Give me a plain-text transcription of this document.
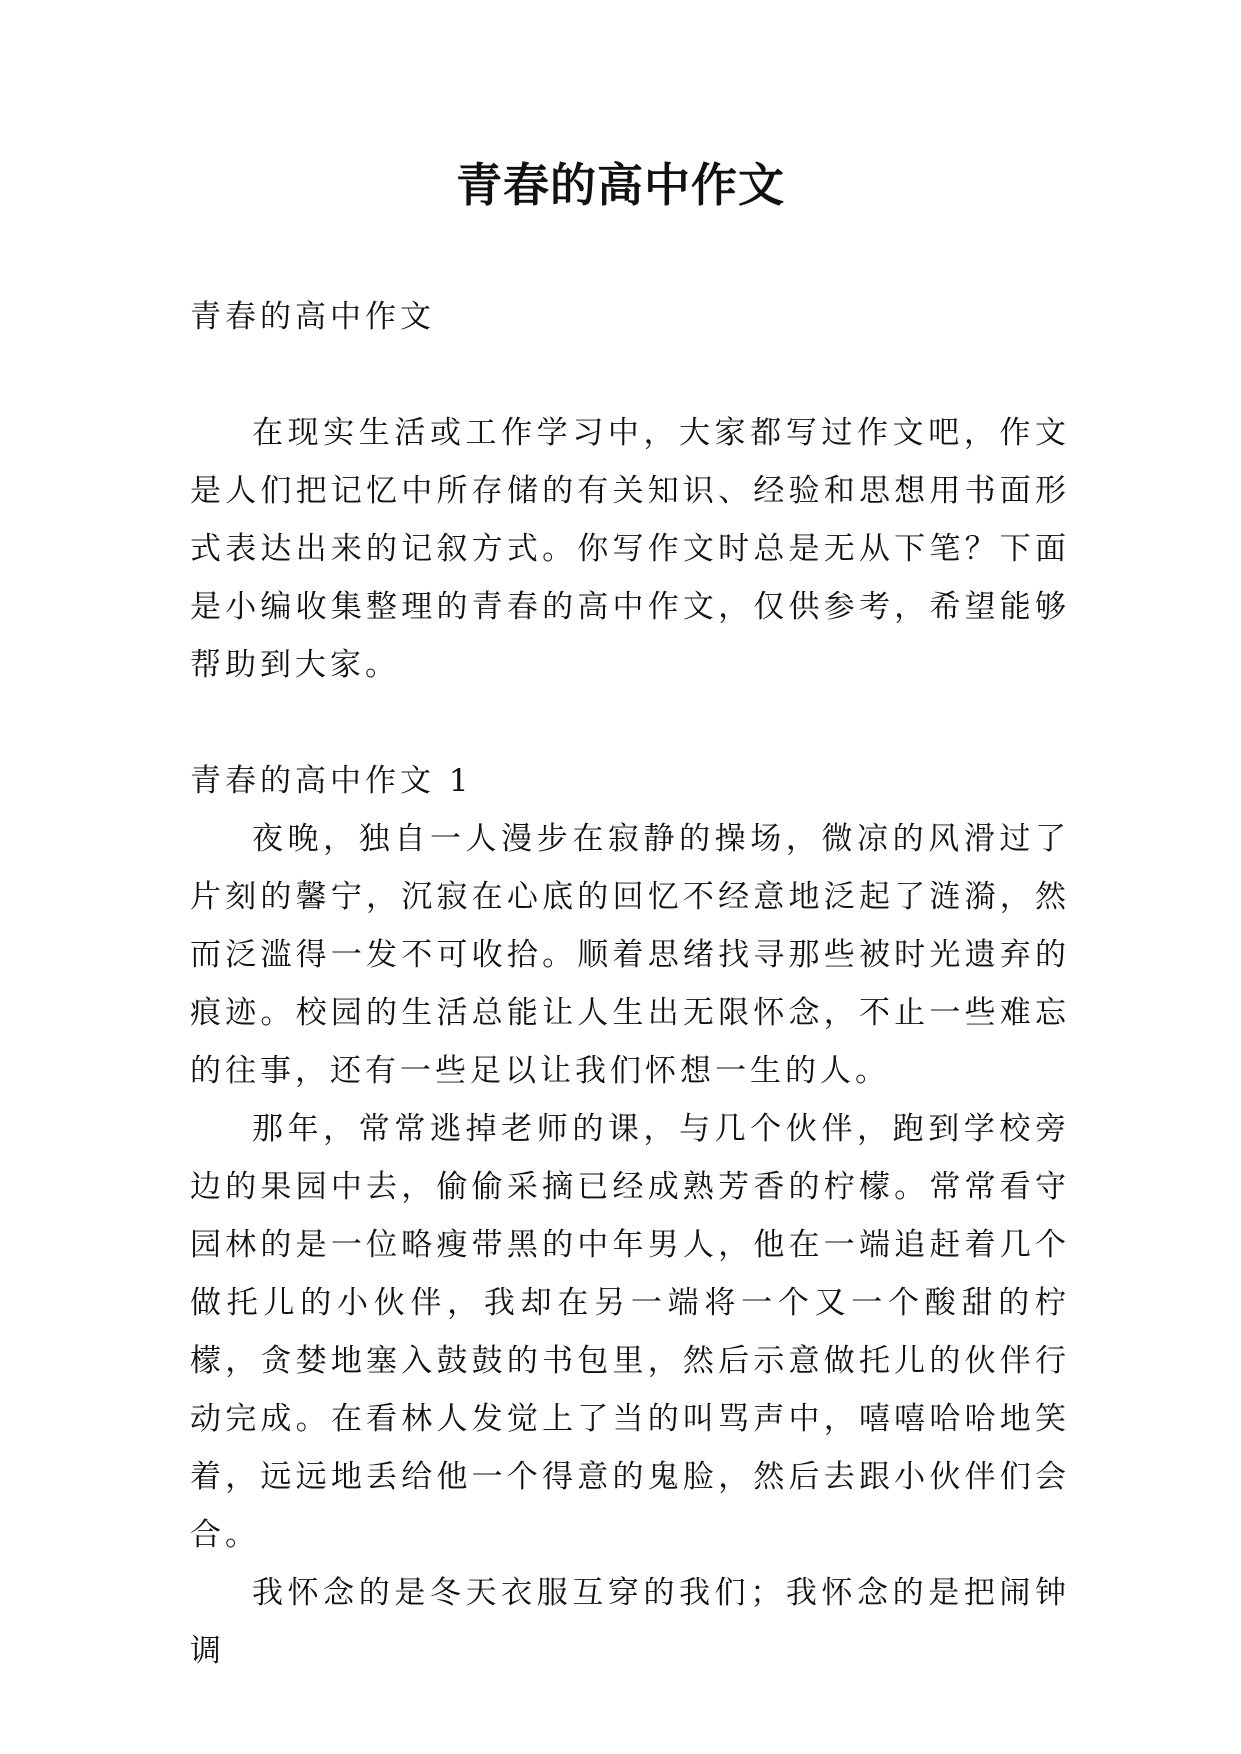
青春的高中作文

青春的高中作文

在现实生活或工作学习中，大家都写过作文吧，作文是人们把记忆中所存储的有关知识、经验和思想用书面形式表达出来的记叙方式。你写作文时总是无从下笔？下面是小编收集整理的青春的高中作文，仅供参考，希望能够帮助到大家。

青春的高中作文 1

夜晚，独自一人漫步在寂静的操场，微凉的风滑过了片刻的馨宁，沉寂在心底的回忆不经意地泛起了涟漪，然而泛滥得一发不可收拾。顺着思绪找寻那些被时光遗弃的痕迹。校园的生活总能让人生出无限怀念，不止一些难忘的往事，还有一些足以让我们怀想一生的人。

那年，常常逃掉老师的课，与几个伙伴，跑到学校旁边的果园中去，偷偷采摘已经成熟芳香的柠檬。常常看守园林的是一位略瘦带黑的中年男人，他在一端追赶着几个做托儿的小伙伴，我却在另一端将一个又一个酸甜的柠檬，贪婪地塞入鼓鼓的书包里，然后示意做托儿的伙伴行动完成。在看林人发觉上了当的叫骂声中，嘻嘻哈哈地笑着，远远地丢给他一个得意的鬼脸，然后去跟小伙伴们会合。

我怀念的是冬天衣服互穿的我们；我怀念的是把闹钟调
